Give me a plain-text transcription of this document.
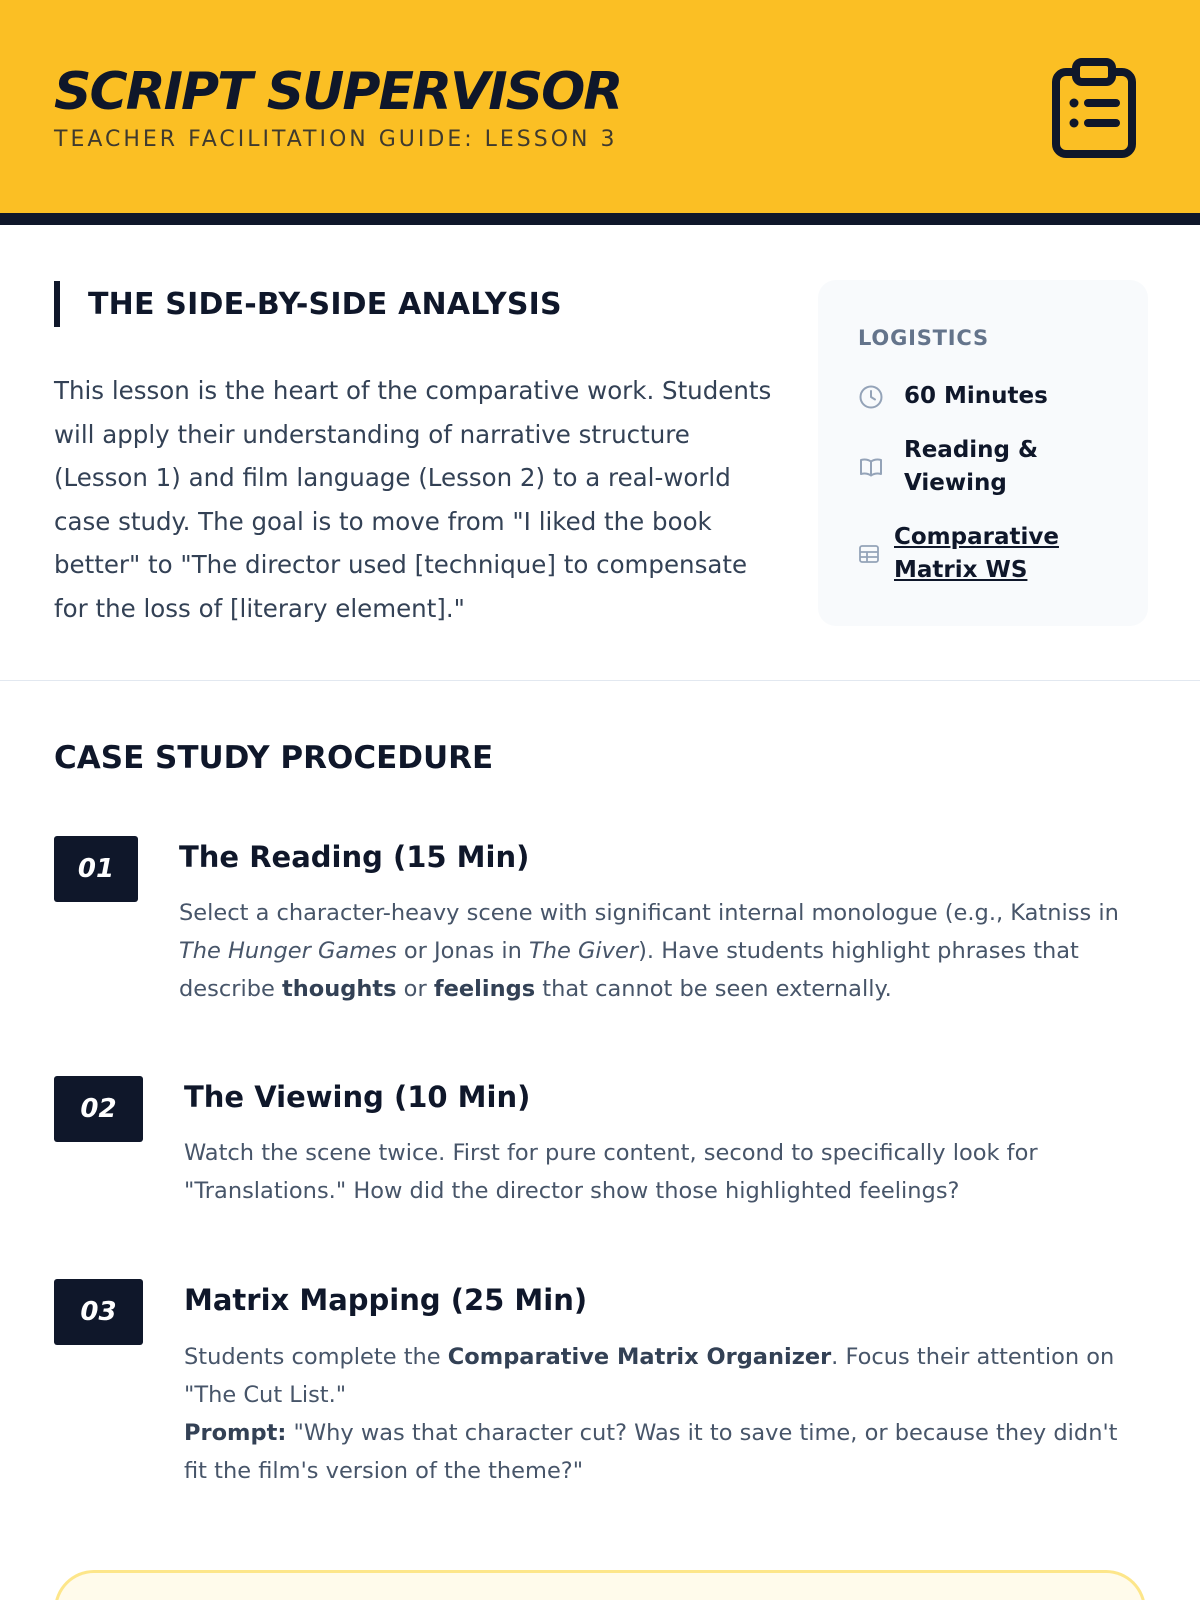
SCRIPT SUPERVISOR
TEACHER FACILITATION GUIDE: LESSON 3
THE SIDE-BY-SIDE ANALYSIS

This lesson is the heart of the comparative work. Students will apply their understanding of narrative structure (Lesson 1) and film language (Lesson 2) to a real-world case study. The goal is to move from "I liked the book better" to "The director used [technique] to compensate for the loss of [literary element]."

LOGISTICS
60 Minutes
Reading & Viewing
Comparative Matrix WS
CASE STUDY PROCEDURE
01	The Reading (15 Min)

Select a character-heavy scene with significant internal monologue (e.g., Katniss in The Hunger Games or Jonas in The Giver). Have students highlight phrases that describe thoughts or feelings that cannot be seen externally.

02	The Viewing (10 Min)

Watch the scene twice. First for pure content, second to specifically look for "Translations." How did the director show those highlighted feelings?

03	Matrix Mapping (25 Min)

Students complete the Comparative Matrix Organizer. Focus their attention on "The Cut List."
Prompt: "Why was that character cut? Was it to save time, or because they didn't fit the film's version of the theme?"
